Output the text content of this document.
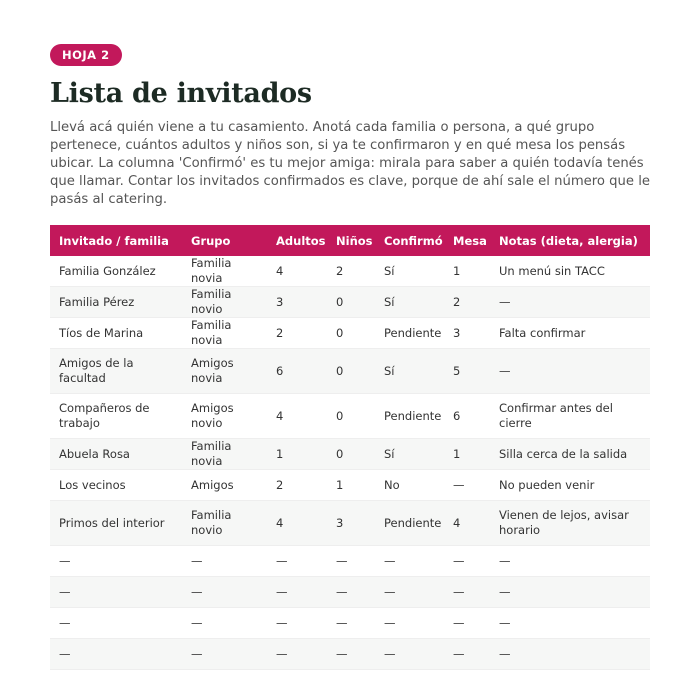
HOJA 2
Lista de invitados

Llevá acá quién viene a tu casamiento. Anotá cada familia o persona, a qué grupo pertenece, cuántos adultos y niños son, si ya te confirmaron y en qué mesa los pensás ubicar. La columna 'Confirmó' es tu mejor amiga: mirala para saber a quién todavía tenés que llamar. Contar los invitados confirmados es clave, porque de ahí sale el número que le pasás al catering.

Invitado / familia	Grupo	Adultos	Niños	Confirmó	Mesa	Notas (dieta, alergia)
Familia González	Familia novia	4	2	Sí	1	Un menú sin TACC
Familia Pérez	Familia novio	3	0	Sí	2	—
Tíos de Marina	Familia novia	2	0	Pendiente	3	Falta confirmar
Amigos de la facultad	Amigos novia	6	0	Sí	5	—
Compañeros de trabajo	Amigos novio	4	0	Pendiente	6	Confirmar antes del cierre
Abuela Rosa	Familia novia	1	0	Sí	1	Silla cerca de la salida
Los vecinos	Amigos	2	1	No	—	No pueden venir
Primos del interior	Familia novio	4	3	Pendiente	4	Vienen de lejos, avisar horario
—	—	—	—	—	—	—
—	—	—	—	—	—	—
—	—	—	—	—	—	—
—	—	—	—	—	—	—
